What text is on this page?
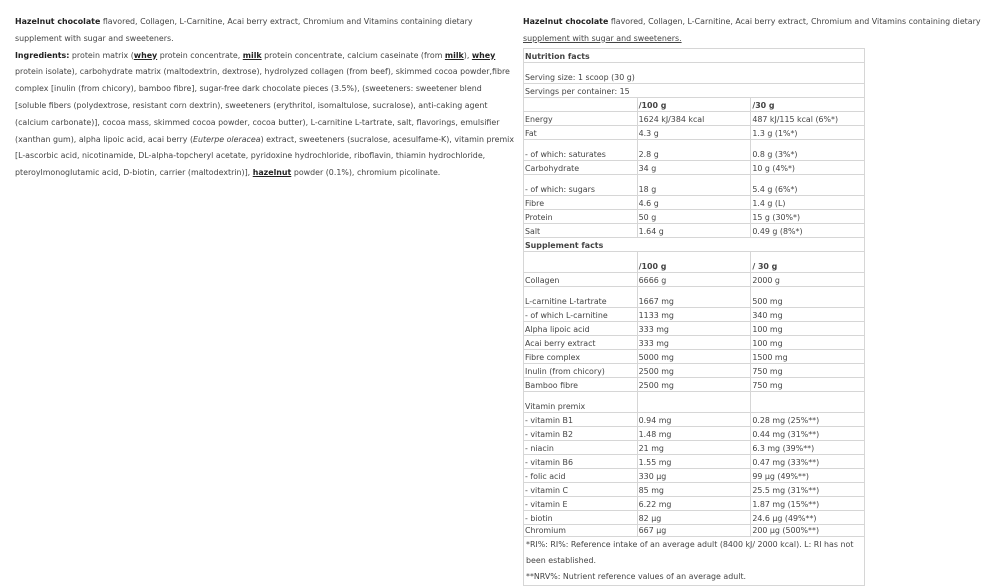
Hazelnut chocolate flavored, Collagen, L-Carnitine, Acai berry extract, Chromium and Vitamins containing dietary supplement with sugar and sweeteners.

Ingredients: protein matrix (whey protein concentrate, milk protein concentrate, calcium caseinate (from milk), whey protein isolate), carbohydrate matrix (maltodextrin, dextrose), hydrolyzed collagen (from beef), skimmed cocoa powder,fibre complex [inulin (from chicory), bamboo fibre], sugar-free dark chocolate pieces (3.5%), (sweeteners: sweetener blend [soluble fibers (polydextrose, resistant corn dextrin), sweeteners (erythritol, isomaltulose, sucralose), anti-caking agent (calcium carbonate)], cocoa mass, skimmed cocoa powder, cocoa butter), L-carnitine L-tartrate, salt, flavorings, emulsifier (xanthan gum), alpha lipoic acid, acai berry (Euterpe oleracea) extract, sweeteners (sucralose, acesulfame-K), vitamin premix [L-ascorbic acid, nicotinamide, DL-alpha-topcheryl acetate, pyridoxine hydrochloride, riboflavin, thiamin hydrochloride, pteroylmonoglutamic acid, D-biotin, carrier (maltodextrin)], hazelnut powder (0.1%), chromium picolinate.

Hazelnut chocolate flavored, Collagen, L-Carnitine, Acai berry extract, Chromium and Vitamins containing dietary
supplement with sugar and sweeteners.

Nutrition facts		
Serving size: 1 scoop (30 g)		
Servings per container: 15		
	/100 g	/30 g
Energy	1624 kJ/384 kcal	487 kJ/115 kcal (6%*)
Fat	4.3 g	1.3 g (1%*)
- of which: saturates	2.8 g	0.8 g (3%*)
Carbohydrate	34 g	10 g (4%*)
- of which: sugars	18 g	5.4 g (6%*)
Fibre	4.6 g	1.4 g (L)
Protein	50 g	15 g (30%*)
Salt	1.64 g	0.49 g (8%*)
Supplement facts		
	/100 g	/ 30 g
Collagen	6666 g	2000 g
L-carnitine L-tartrate	1667 mg	500 mg
- of which L-carnitine	1133 mg	340 mg
Alpha lipoic acid	333 mg	100 mg
Acai berry extract	333 mg	100 mg
Fibre complex	5000 mg	1500 mg
Inulin (from chicory)	2500 mg	750 mg
Bamboo fibre	2500 mg	750 mg
Vitamin premix		
- vitamin B1	0.94 mg	0.28 mg (25%**)
- vitamin B2	1.48 mg	0.44 mg (31%**)
- niacin	21 mg	6.3 mg (39%**)
- vitamin B6	1.55 mg	0.47 mg (33%**)
- folic acid	330 µg	99 µg (49%**)
- vitamin C	85 mg	25.5 mg (31%**)
- vitamin E	6.22 mg	1.87 mg (15%**)
- biotin	82 µg	24.6 µg (49%**)
Chromium	667 µg	200 µg (500%**)

*RI%: RI%: Reference intake of an average adult (8400 kJ/ 2000 kcal). L: RI has not
been established.

**NRV%: Nutrient reference values of an average adult.
